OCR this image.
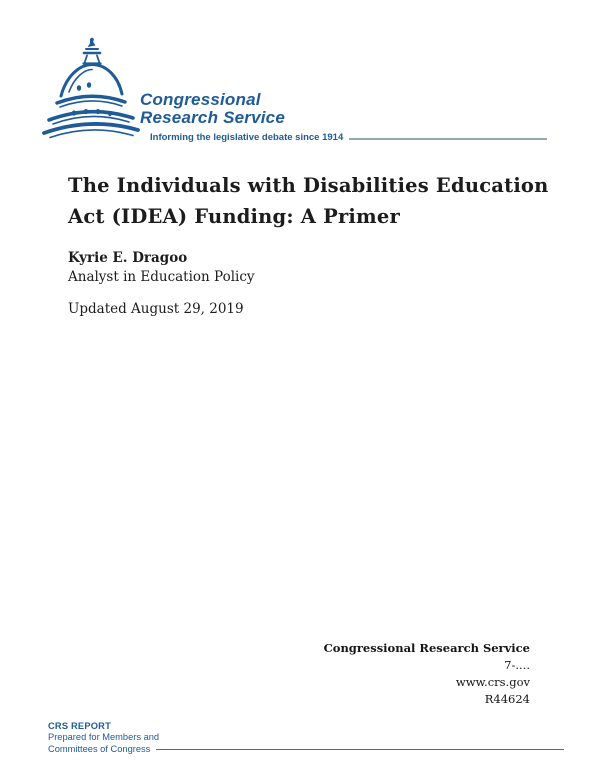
Congressional
Research Service
Informing the legislative debate since 1914
The Individuals with Disabilities Education
Act (IDEA) Funding: A Primer
Kyrie E. Dragoo
Analyst in Education Policy
Updated August 29, 2019
Congressional Research Service
7-....
www.crs.gov
R44624
CRS REPORT
Prepared for Members and
Committees of Congress
